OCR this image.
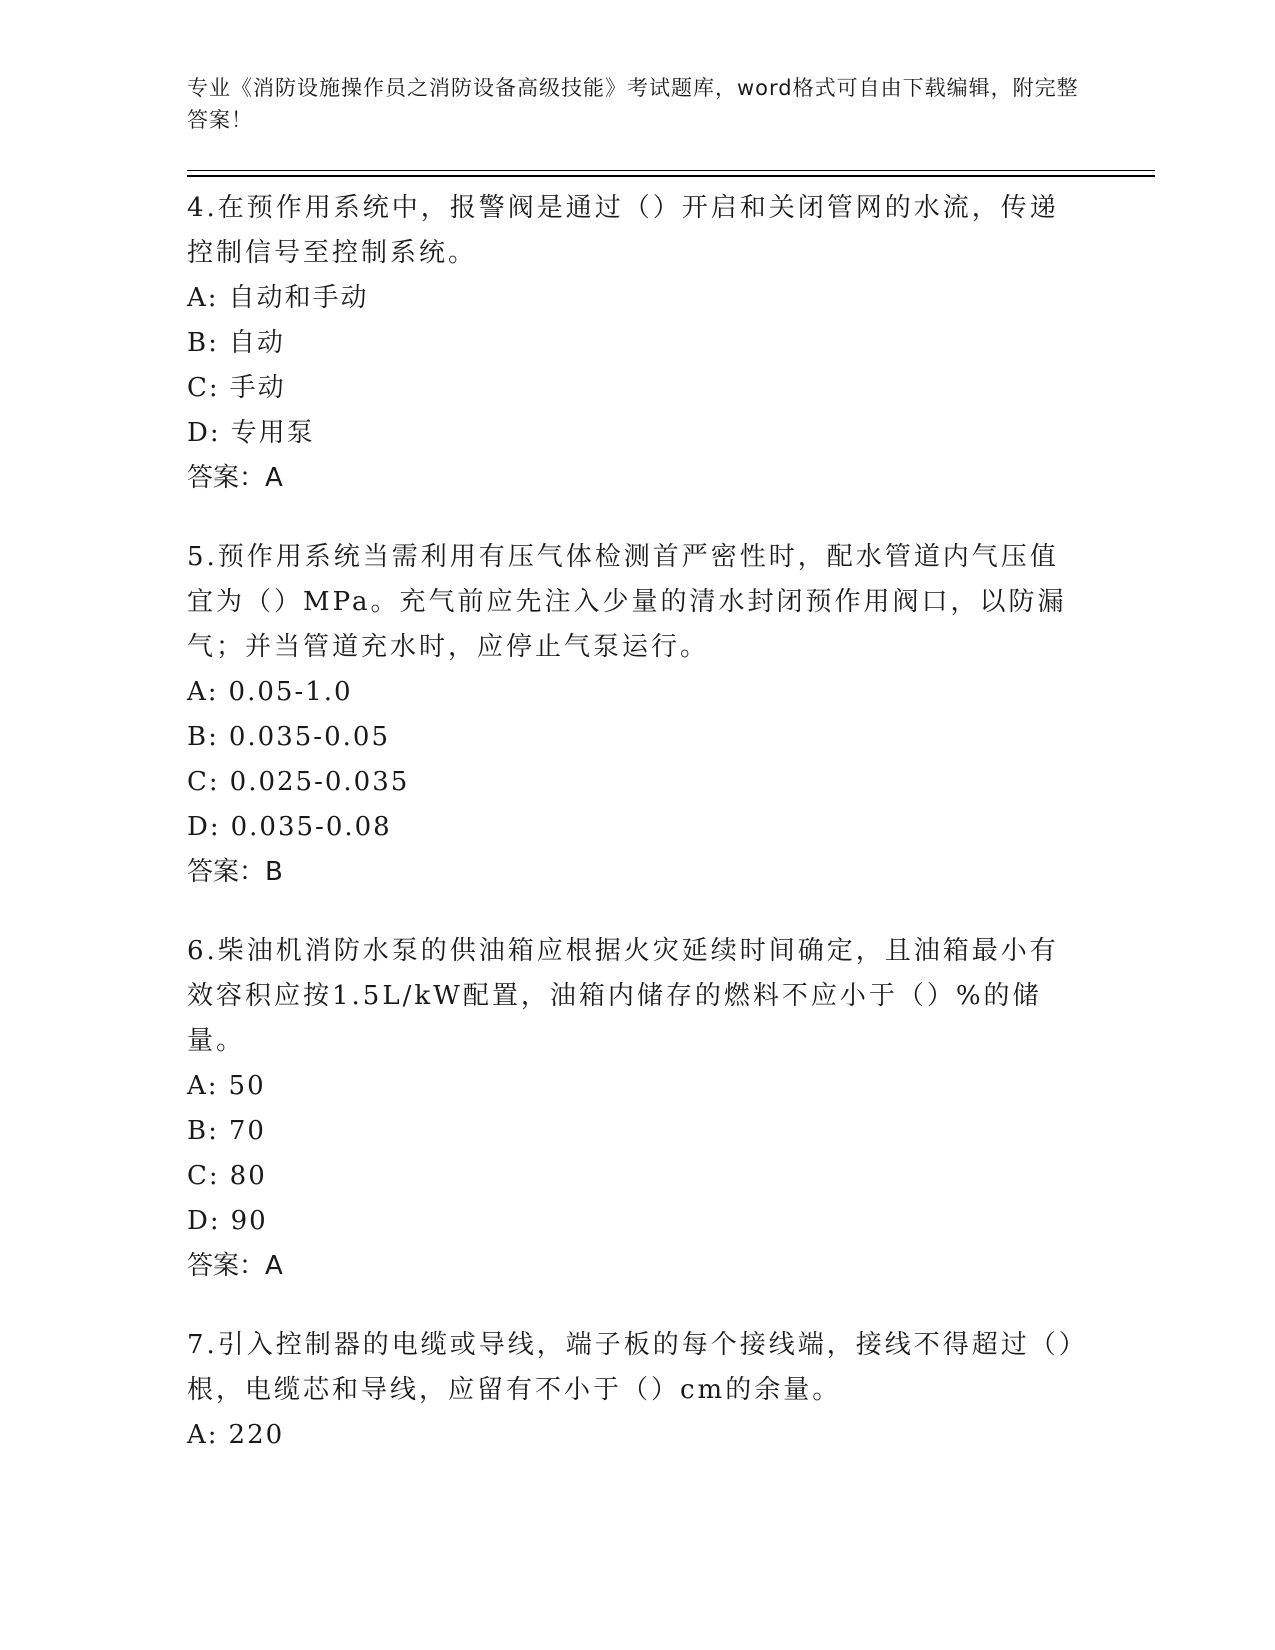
专业《消防设施操作员之消防设备高级技能》考试题库，word格式可自由下载编辑，附完整答案！

4.在预作用系统中，报警阀是通过（）开启和关闭管网的水流，传递控制信号至控制系统。

A: 自动和手动

B: 自动

C: 手动

D: 专用泵

答案：A

5.预作用系统当需利用有压气体检测首严密性时，配水管道内气压值宜为（）MPa。充气前应先注入少量的清水封闭预作用阀口，以防漏气；并当管道充水时，应停止气泵运行。

A: 0.05-1.0

B: 0.035-0.05

C: 0.025-0.035

D: 0.035-0.08

答案：B

6.柴油机消防水泵的供油箱应根据火灾延续时间确定，且油箱最小有效容积应按1.5L/kW配置，油箱内储存的燃料不应小于（）%的储量。

A: 50

B: 70

C: 80

D: 90

答案：A

7.引入控制器的电缆或导线，端子板的每个接线端，接线不得超过（）根，电缆芯和导线，应留有不小于（）cm的余量。

A: 220
